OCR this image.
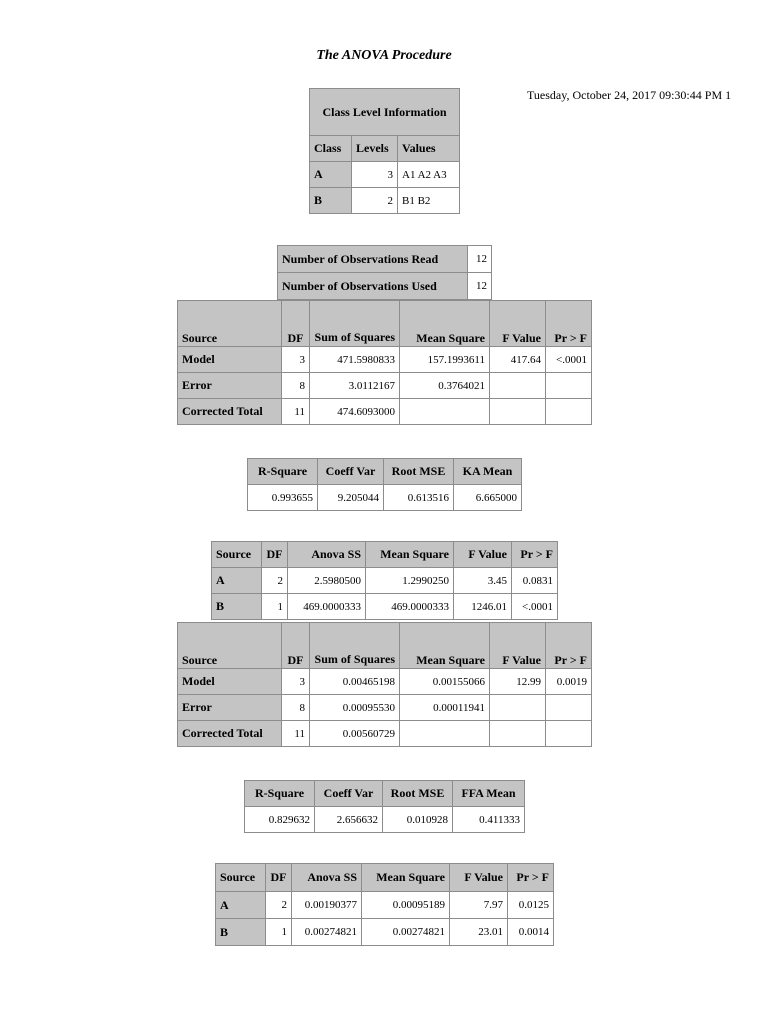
The ANOVA Procedure
Tuesday, October 24, 2017 09:30:44 PM 1
Class Level Information		
Class	Levels	Values
A	3	A1 A2 A3
B	2	B1 B2
Number of Observations Read	12
Number of Observations Used	12
Source	DF	Sum of Squares	Mean Square	F Value	Pr > F
Model	3	471.5980833	157.1993611	417.64	<.0001
Error	8	3.0112167	0.3764021		
Corrected Total	11	474.6093000			
R-Square	Coeff Var	Root MSE	KA Mean
0.993655	9.205044	0.613516	6.665000
Source	DF	Anova SS	Mean Square	F Value	Pr > F
A	2	2.5980500	1.2990250	3.45	0.0831
B	1	469.0000333	469.0000333	1246.01	<.0001
Source	DF	Sum of Squares	Mean Square	F Value	Pr > F
Model	3	0.00465198	0.00155066	12.99	0.0019
Error	8	0.00095530	0.00011941		
Corrected Total	11	0.00560729			
R-Square	Coeff Var	Root MSE	FFA Mean
0.829632	2.656632	0.010928	0.411333
Source	DF	Anova SS	Mean Square	F Value	Pr > F
A	2	0.00190377	0.00095189	7.97	0.0125
B	1	0.00274821	0.00274821	23.01	0.0014
